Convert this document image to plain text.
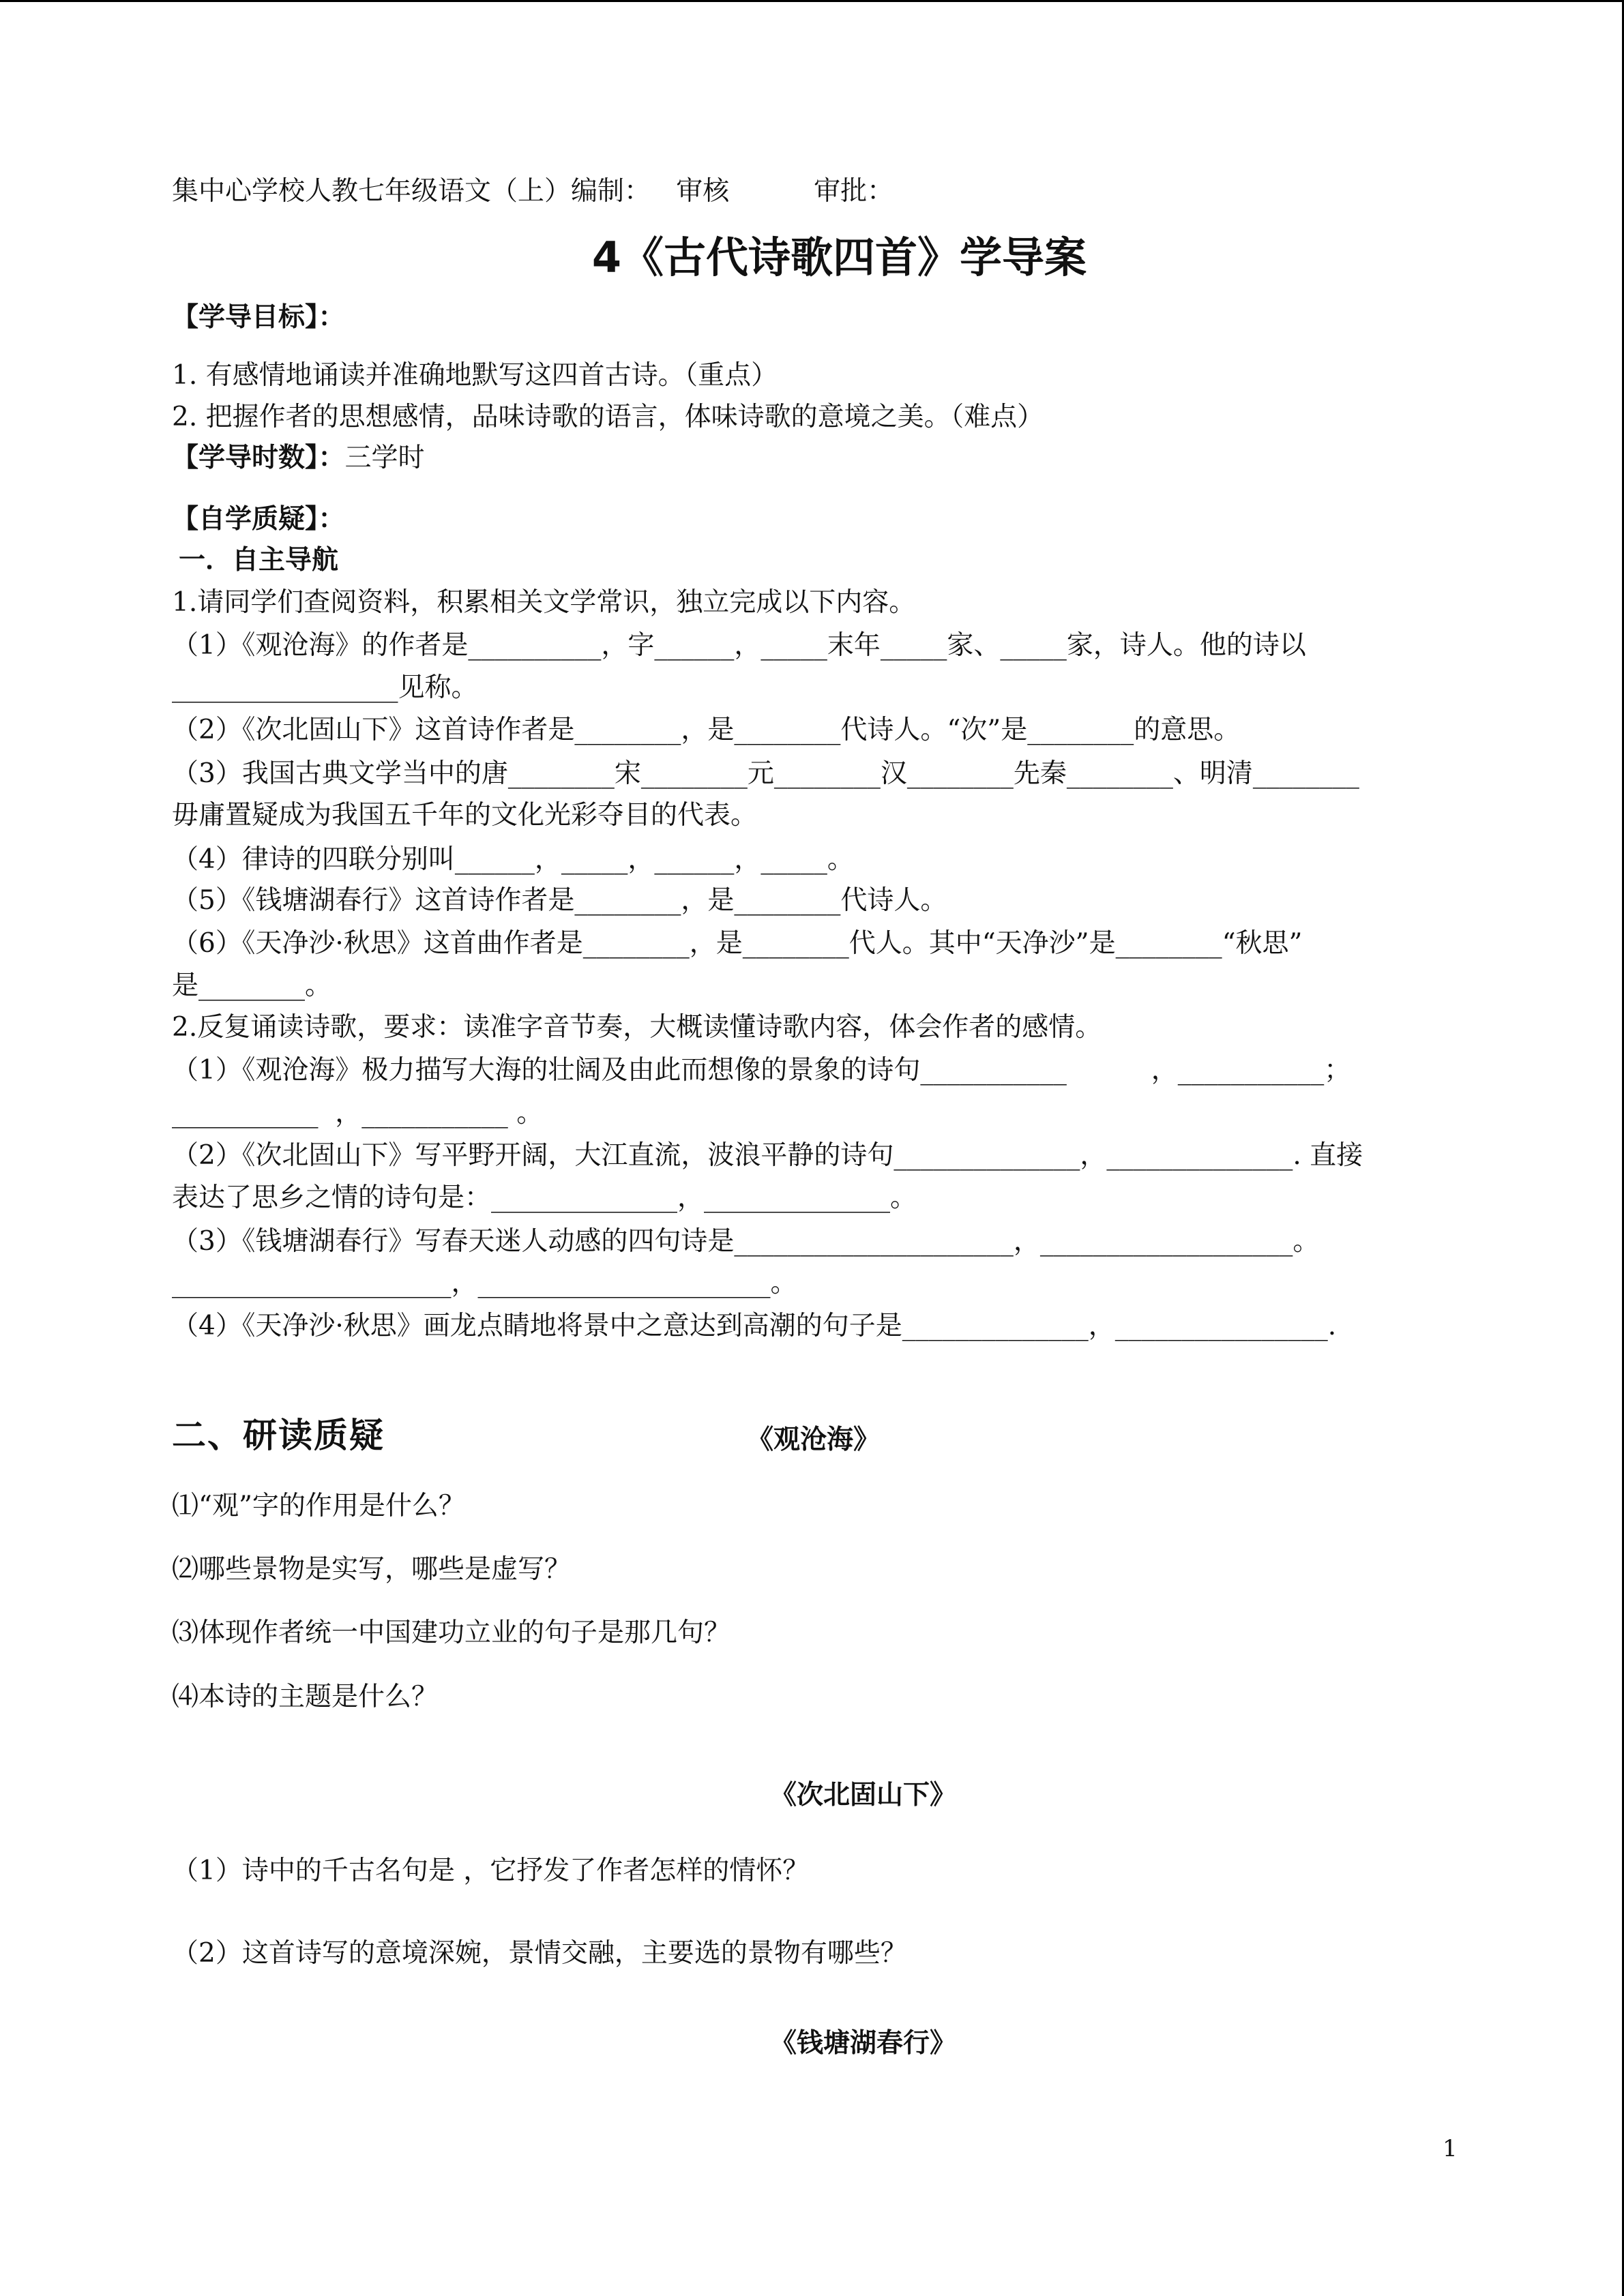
集中心学校人教七年级语文（上）编制：   审核          审批：
4《古代诗歌四首》学导案
【学导目标】：
1. 有感情地诵读并准确地默写这四首古诗。（重点）
2. 把握作者的思想感情，品味诗歌的语言，体味诗歌的意境之美。（难点）
【学导时数】：三学时
【自学质疑】：
一．自主导航
1.请同学们查阅资料，积累相关文学常识，独立完成以下内容。
（1）《观沧海》的作者是__________，字______，_____末年_____家、_____家，诗人。他的诗以
_________________见称。
（2）《次北固山下》这首诗作者是________，是________代诗人。“次”是________的意思。
（3）我国古典文学当中的唐________宋________元________汉________先秦________、明清________
毋庸置疑成为我国五千年的文化光彩夺目的代表。
（4）律诗的四联分别叫______，_____，______，_____。
（5）《钱塘湖春行》这首诗作者是________，是________代诗人。
（6）《天净沙·秋思》这首曲作者是________，是________代人。其中“天净沙”是________“秋思”
是________。
2.反复诵读诗歌，要求：读准字音节奏，大概读懂诗歌内容，体会作者的感情。
（1）《观沧海》极力描写大海的壮阔及由此而想像的景象的诗句___________          ，___________；
___________  ，___________ 。
（2）《次北固山下》写平野开阔，大江直流，波浪平静的诗句______________，______________. 直接
表达了思乡之情的诗句是：______________，______________。
（3）《钱塘湖春行》写春天迷人动感的四句诗是_____________________，___________________。
_____________________，______________________。
（4）《天净沙·秋思》画龙点睛地将景中之意达到高潮的句子是______________，________________.
二、研读质疑	《观沧海》
⑴“观”字的作用是什么？
⑵哪些景物是实写，哪些是虚写？
⑶体现作者统一中国建功立业的句子是那几句？
⑷本诗的主题是什么？
《次北固山下》
（1）诗中的千古名句是 ，它抒发了作者怎样的情怀？
（2）这首诗写的意境深婉，景情交融，主要选的景物有哪些？
《钱塘湖春行》
1
